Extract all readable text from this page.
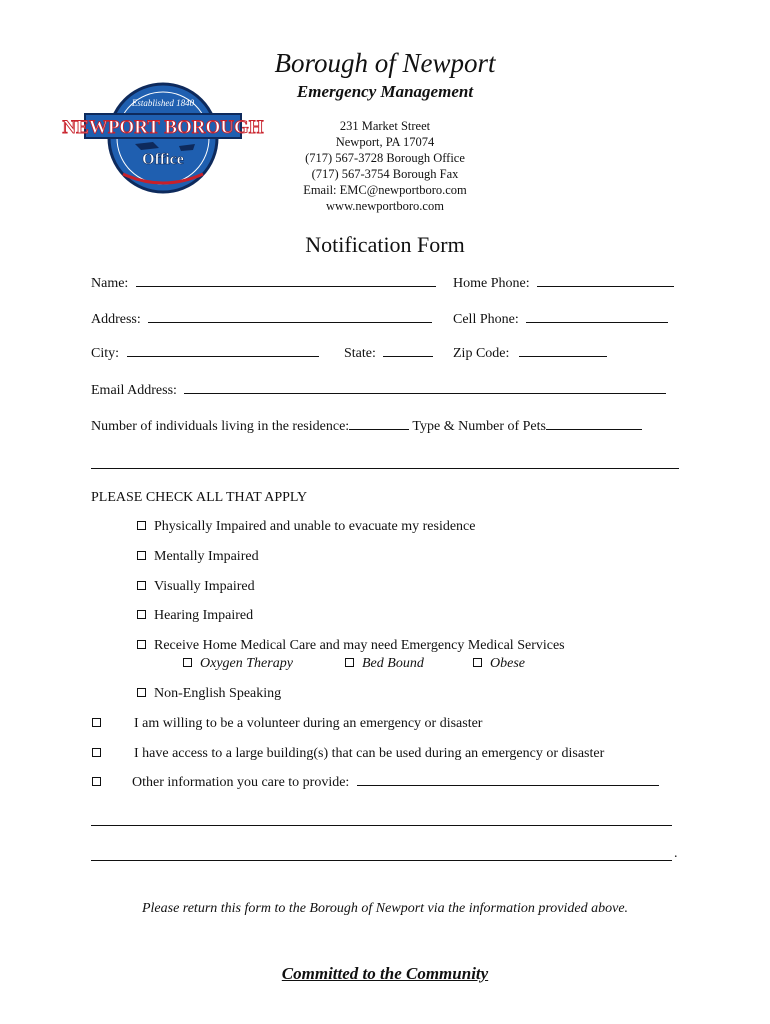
Borough of Newport
Emergency Management
Established 1840
NEWPORT BOROUGH
Office
231 Market Street
Newport, PA 17074
(717) 567-3728 Borough Office
(717) 567-3754 Borough Fax
Email: EMC@newportboro.com
www.newportboro.com
Notification Form
Name:	Home Phone:
Address:	Cell Phone:
City:	State:	Zip Code:
Email Address:
Number of individuals living in the residence:	Type & Number of Pets
PLEASE CHECK ALL THAT APPLY
Physically Impaired and unable to evacuate my residence
Mentally Impaired
Visually Impaired
Hearing Impaired
Receive Home Medical Care and may need Emergency Medical Services
Oxygen Therapy	Bed Bound	Obese
Non-English Speaking
I am willing to be a volunteer during an emergency or disaster
I have access to a large building(s) that can be used during an emergency or disaster
Other information you care to provide:
.
Please return this form to the Borough of Newport via the information provided above.
Committed to the Community
